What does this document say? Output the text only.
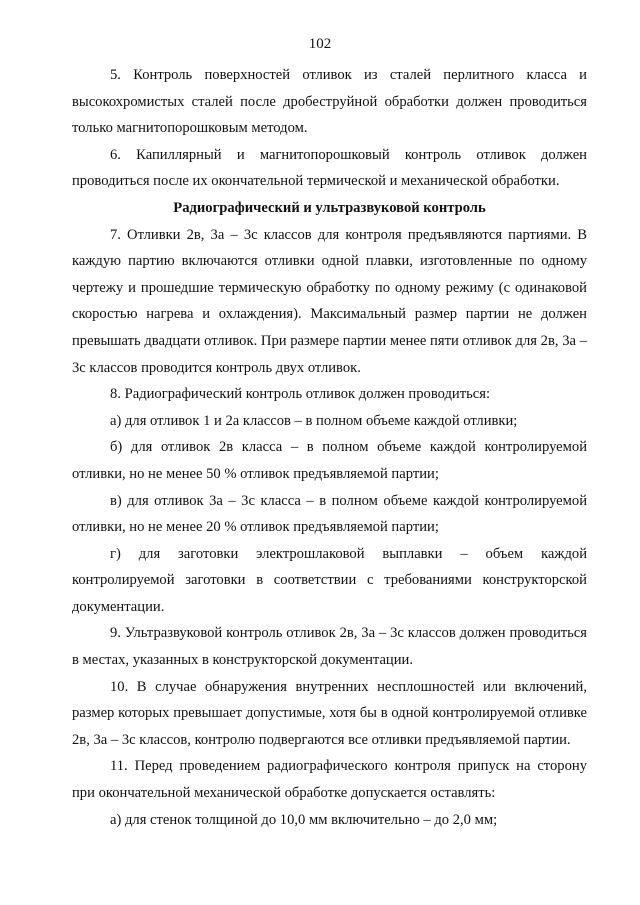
102

5. Контроль поверхностей отливок из сталей перлитного класса и высокохромистых сталей после дробеструйной обработки должен проводиться только магнитопорошковым методом.

6. Капиллярный и магнитопорошковый контроль отливок должен проводиться после их окончательной термической и механической обработки.

Радиографический и ультразвуковой контроль

7. Отливки 2в, 3а – 3с классов для контроля предъявляются партиями. В каждую партию включаются отливки одной плавки, изготовленные по одному чертежу и прошедшие термическую обработку по одному режиму (с одинаковой скоростью нагрева и охлаждения). Максимальный размер партии не должен превышать двадцати отливок. При размере партии менее пяти отливок для 2в, 3а – 3с классов проводится контроль двух отливок.

8. Радиографический контроль отливок должен проводиться:

а) для отливок 1 и 2а классов – в полном объеме каждой отливки;

б) для отливок 2в класса – в полном объеме каждой контролируемой отливки, но не менее 50 % отливок предъявляемой партии;

в) для отливок 3а – 3с класса – в полном объеме каждой контролируемой отливки, но не менее 20 % отливок предъявляемой партии;

г) для заготовки электрошлаковой выплавки – объем каждой контролируемой заготовки в соответствии с требованиями конструкторской документации.

9. Ультразвуковой контроль отливок 2в, 3а – 3с классов должен проводиться в местах, указанных в конструкторской документации.

10. В случае обнаружения внутренних несплошностей или включений, размер которых превышает допустимые, хотя бы в одной контролируемой отливке 2в, 3а – 3с классов, контролю подвергаются все отливки предъявляемой партии.

11. Перед проведением радиографического контроля припуск на сторону при окончательной механической обработке допускается оставлять:

а) для стенок толщиной до 10,0 мм включительно – до 2,0 мм;
